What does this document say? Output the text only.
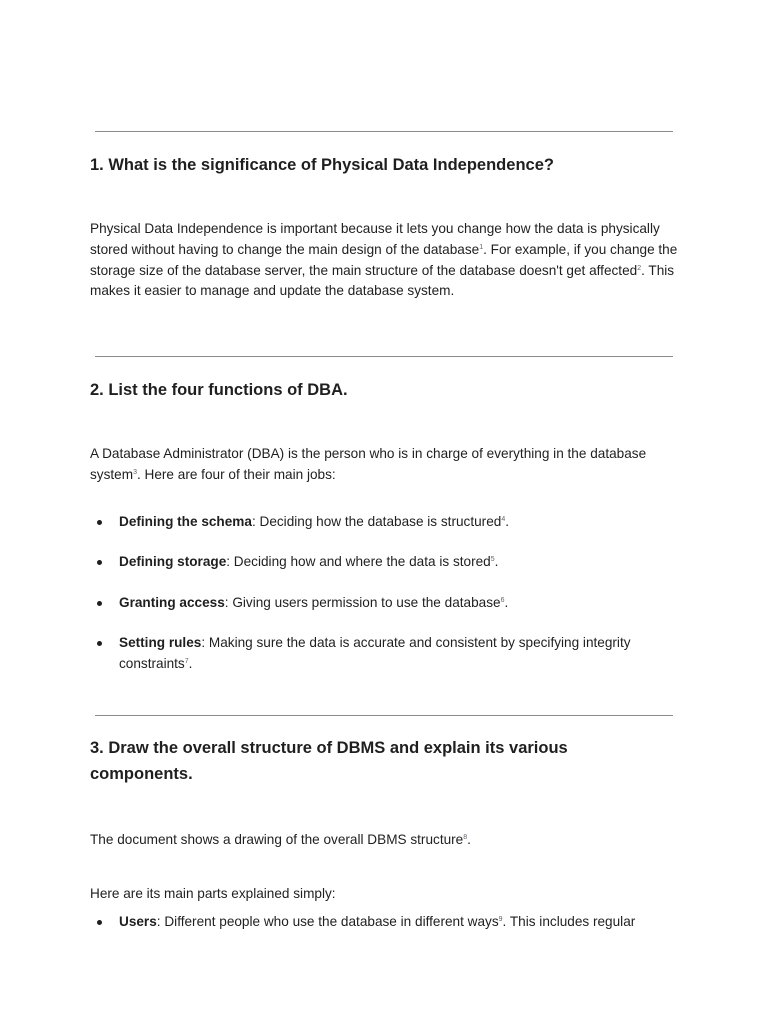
1. What is the significance of Physical Data Independence?

Physical Data Independence is important because it lets you change how the data is physically stored without having to change the main design of the database$^1$. For example, if you change the storage size of the database server, the main structure of the database doesn't get affected$^2$. This makes it easier to manage and update the database system.

2. List the four functions of DBA.

A Database Administrator (DBA) is the person who is in charge of everything in the database system$^3$. Here are four of their main jobs:

Defining the schema: Deciding how the database is structured$^4$.
Defining storage: Deciding how and where the data is stored$^5$.
Granting access: Giving users permission to use the database$^6$.
Setting rules: Making sure the data is accurate and consistent by specifying integrity constraints$^7$.
3. Draw the overall structure of DBMS and explain its various components.

The document shows a drawing of the overall DBMS structure$^8$.

Here are its main parts explained simply:

Users: Different people who use the database in different ways$^9$. This includes regular
